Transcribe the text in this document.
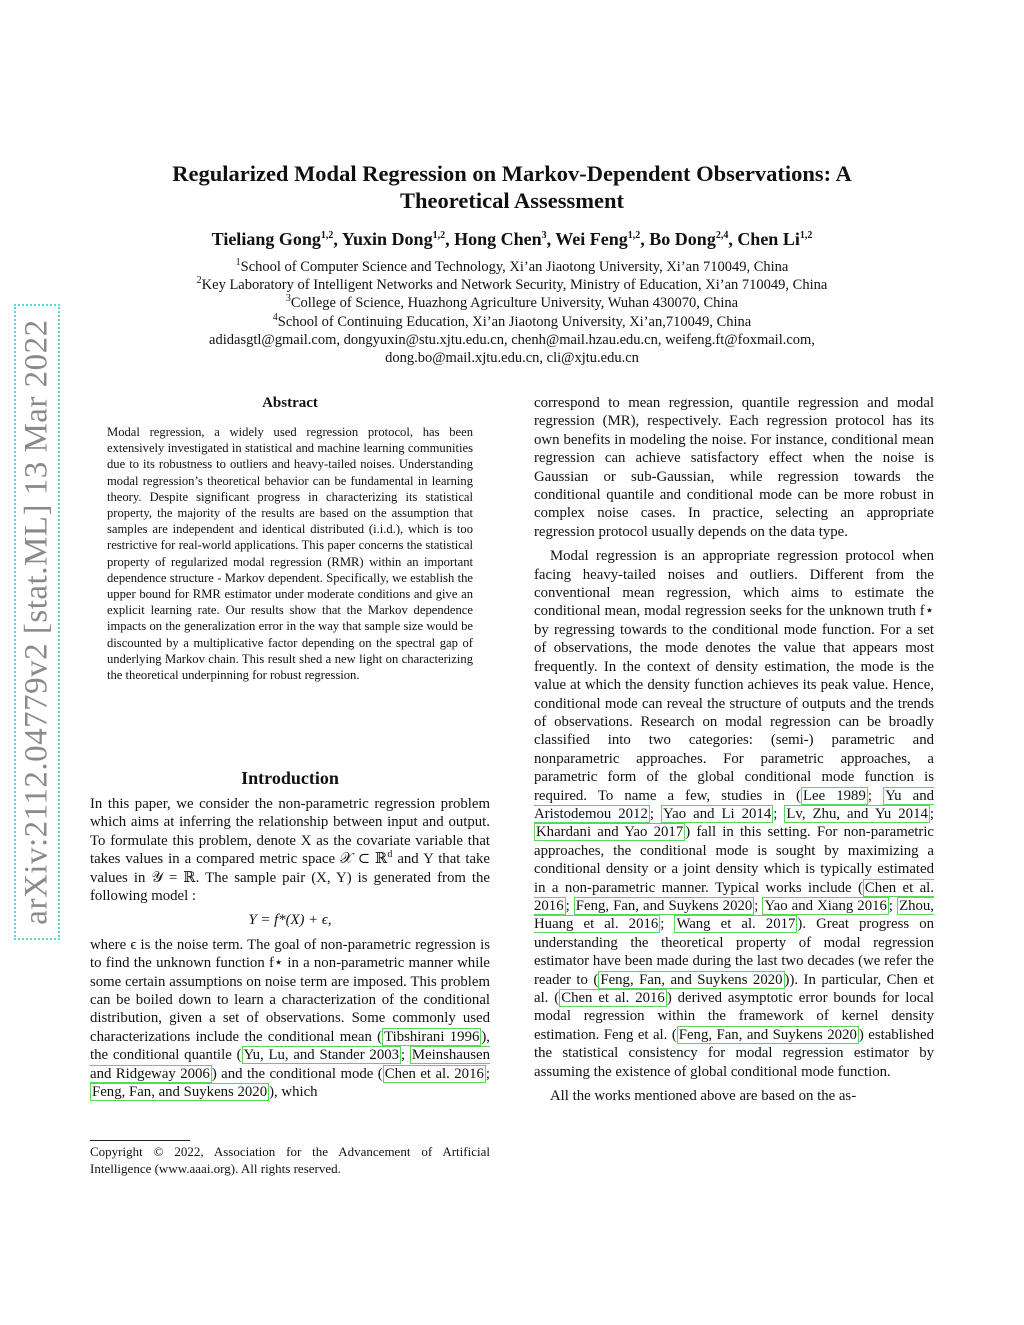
arXiv:2112.04779v2 [stat.ML] 13 Mar 2022
Regularized Modal Regression on Markov-Dependent Observations: A Theoretical Assessment
Tieliang Gong$^{1,2}$, Yuxin Dong$^{1,2}$, Hong Chen$^3$, Wei Feng$^{1,2}$, Bo Dong$^{2,4}$, Chen Li$^{1,2}$
$^1$School of Computer Science and Technology, Xi’an Jiaotong University, Xi’an 710049, China
$^2$Key Laboratory of Intelligent Networks and Network Security, Ministry of Education, Xi’an 710049, China
$^3$College of Science, Huazhong Agriculture University, Wuhan 430070, China
$^4$School of Continuing Education, Xi’an Jiaotong University, Xi’an,710049, China
adidasgtl@gmail.com, dongyuxin@stu.xjtu.edu.cn, chenh@mail.hzau.edu.cn, weifeng.ft@foxmail.com,
dong.bo@mail.xjtu.edu.cn, cli@xjtu.edu.cn
Abstract

Modal regression, a widely used regression protocol, has been extensively investigated in statistical and machine learning communities due to its robustness to outliers and heavy-tailed noises. Understanding modal regression’s theoretical behavior can be fundamental in learning theory. Despite significant progress in characterizing its statistical property, the majority of the results are based on the assumption that samples are independent and identical distributed (i.i.d.), which is too restrictive for real-world applications. This paper concerns the statistical property of regularized modal regression (RMR) within an important dependence structure - Markov dependent. Specifically, we establish the upper bound for RMR estimator under moderate conditions and give an explicit learning rate. Our results show that the Markov dependence impacts on the generalization error in the way that sample size would be discounted by a multiplicative factor depending on the spectral gap of underlying Markov chain. This result shed a new light on characterizing the theoretical underpinning for robust regression.

Introduction

In this paper, we consider the non-parametric regression problem which aims at inferring the relationship between input and output. To formulate this problem, denote X as the covariate variable that takes values in a compared metric space 𝒳 ⊂ ℝ$^d$ and Y that take values in 𝒴 = ℝ. The sample pair (X, Y) is generated from the following model :

Y = f*(X) + ϵ,

where ϵ is the noise term. The goal of non-parametric regression is to find the unknown function f⋆ in a non-parametric manner while some certain assumptions on noise term are imposed. This problem can be boiled down to learn a characterization of the conditional distribution, given a set of observations. Some commonly used characterizations include the conditional mean ( Tibshirani 1996 ), the conditional quantile ( Yu, Lu, and Stander 2003 ; Meinshausen and Ridgeway 2006 ) and the conditional mode ( Chen et al. 2016 ; Feng, Fan, and Suykens 2020 ), which

Copyright © 2022, Association for the Advancement of Artificial Intelligence (www.aaai.org). All rights reserved.

correspond to mean regression, quantile regression and modal regression (MR), respectively. Each regression protocol has its own benefits in modeling the noise. For instance, conditional mean regression can achieve satisfactory effect when the noise is Gaussian or sub-Gaussian, while regression towards the conditional quantile and conditional mode can be more robust in complex noise cases. In practice, selecting an appropriate regression protocol usually depends on the data type.

Modal regression is an appropriate regression protocol when facing heavy-tailed noises and outliers. Different from the conventional mean regression, which aims to estimate the conditional mean, modal regression seeks for the unknown truth f⋆ by regressing towards to the conditional mode function. For a set of observations, the mode denotes the value that appears most frequently. In the context of density estimation, the mode is the value at which the density function achieves its peak value. Hence, conditional mode can reveal the structure of outputs and the trends of observations. Research on modal regression can be broadly classified into two categories: (semi-) parametric and nonparametric approaches. For parametric approaches, a parametric form of the global conditional mode function is required. To name a few, studies in ( Lee 1989 ; Yu and Aristodemou 2012 ; Yao and Li 2014 ; Lv, Zhu, and Yu 2014 ; Khardani and Yao 2017 ) fall in this setting. For non-parametric approaches, the conditional mode is sought by maximizing a conditional density or a joint density which is typically estimated in a non-parametric manner. Typical works include ( Chen et al. 2016 ; Feng, Fan, and Suykens 2020 ; Yao and Xiang 2016 ; Zhou, Huang et al. 2016 ; Wang et al. 2017 ). Great progress on understanding the theoretical property of modal regression estimator have been made during the last two decades (we refer the reader to ( Feng, Fan, and Suykens 2020 )). In particular, Chen et al. ( Chen et al. 2016 ) derived asymptotic error bounds for local modal regression within the framework of kernel density estimation. Feng et al. ( Feng, Fan, and Suykens 2020 ) established the statistical consistency for modal regression estimator by assuming the existence of global conditional mode function.

All the works mentioned above are based on the as-
